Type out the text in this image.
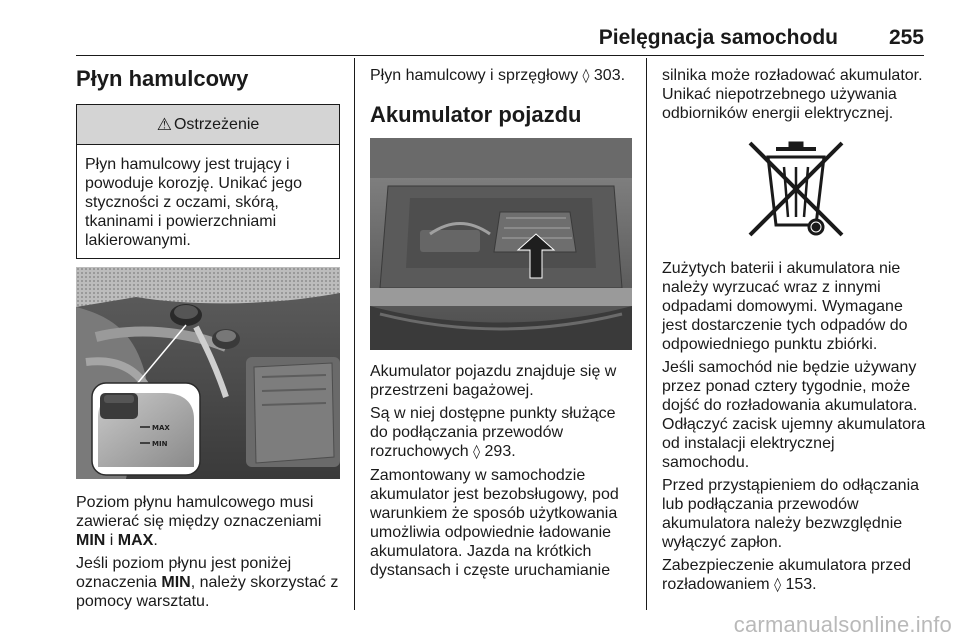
Pielęgnacja samochodu 255
Płyn hamulcowy
⚠ Ostrzeżenie

Płyn hamulcowy jest trujący i powoduje korozję. Unikać jego styczności z oczami, skórą, tkaninami i powierzchniami lakierowanymi.

MAX
MIN

Poziom płynu hamulcowego musi zawierać się między oznaczeniami MIN i MAX.

Jeśli poziom płynu jest poniżej oznaczenia MIN, należy skorzystać z pomocy warsztatu.

Płyn hamulcowy i sprzęgłowy ◊ 303.

Akumulator pojazdu

Akumulator pojazdu znajduje się w przestrzeni bagażowej.

Są w niej dostępne punkty służące do podłączania przewodów rozruchowych ◊ 293.

Zamontowany w samochodzie akumulator jest bezobsługowy, pod warunkiem że sposób użytkowania umożliwia odpowiednie ładowanie akumulatora. Jazda na krótkich dystansach i częste uruchamianie

silnika może rozładować akumulator. Unikać niepotrzebnego używania odbiorników energii elektrycznej.

Zużytych baterii i akumulatora nie należy wyrzucać wraz z innymi odpadami domowymi. Wymagane jest dostarczenie tych odpadów do odpowiedniego punktu zbiórki.

Jeśli samochód nie będzie używany przez ponad cztery tygodnie, może dojść do rozładowania akumulatora. Odłączyć zacisk ujemny akumulatora od instalacji elektrycznej samochodu.

Przed przystąpieniem do odłączania lub podłączania przewodów akumulatora należy bezwzględnie wyłączyć zapłon.

Zabezpieczenie akumulatora przed rozładowaniem ◊ 153.

carmanualsonline.info
